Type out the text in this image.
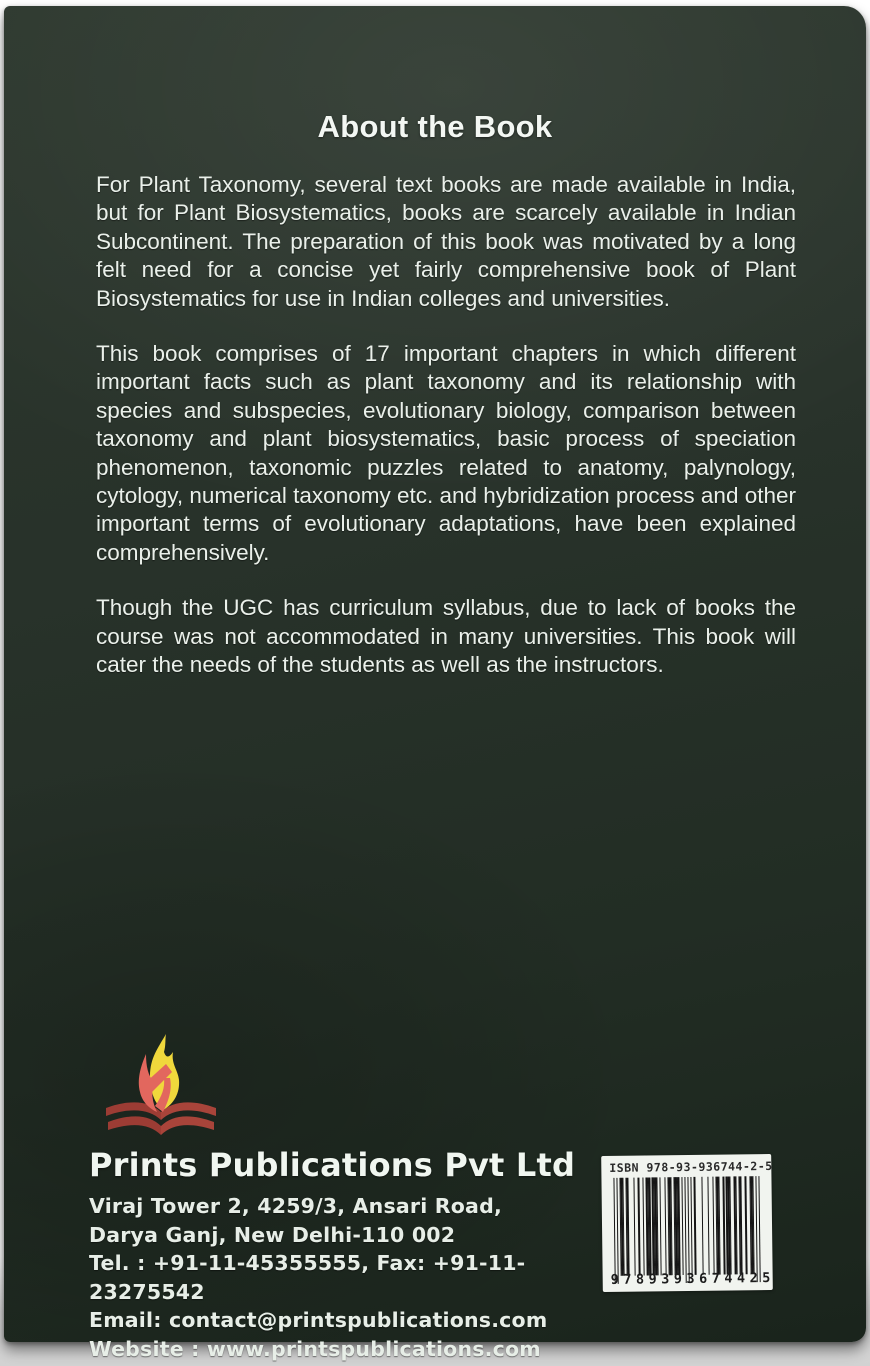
About the Book

For Plant Taxonomy, several text books are made available in India, but for Plant Biosystematics, books are scarcely available in Indian Subcontinent. The preparation of this book was motivated by a long felt need for a concise yet fairly comprehensive book of Plant Biosystematics for use in Indian colleges and universities.

This book comprises of 17 important chapters in which different important facts such as plant taxonomy and its relationship with species and subspecies, evolutionary biology, comparison between taxonomy and plant biosystematics, basic process of speciation phenomenon, taxonomic puzzles related to anatomy, palynology, cytology, numerical taxonomy etc. and hybridization process and other important terms of evolutionary adaptations, have been explained comprehensively.

Though the UGC has curriculum syllabus, due to lack of books the course was not accommodated in many universities. This book will cater the needs of the students as well as the instructors.

Prints Publications Pvt Ltd
Viraj Tower 2, 4259/3, Ansari Road,
Darya Ganj, New Delhi-110 002
Tel. : +91-11-45355555, Fax: +91-11-23275542
Email: contact@printspublications.com
Website : www.printspublications.com
ISBN 978-93-936744-2-5
9789393674425
